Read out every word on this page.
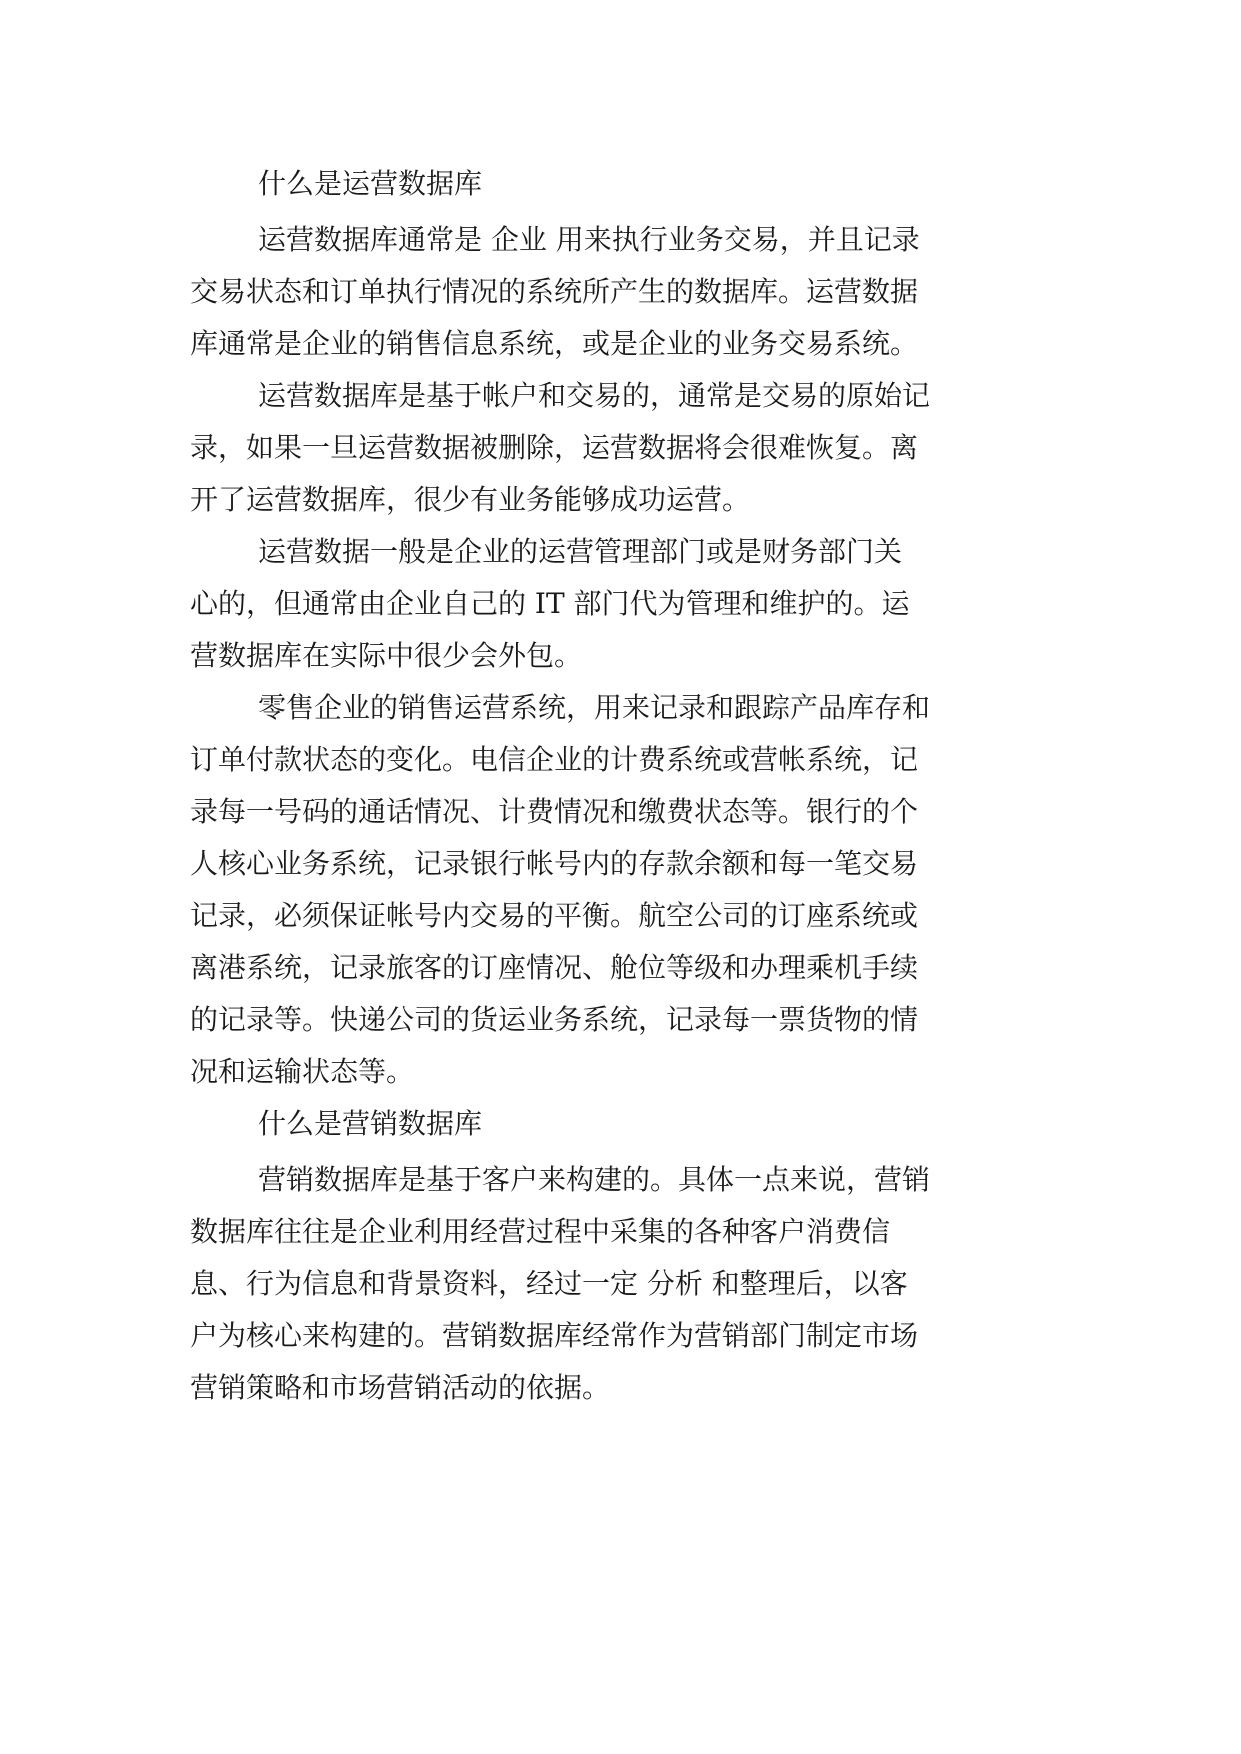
什么是运营数据库
运营数据库通常是 企业 用来执行业务交易，并且记录
交易状态和订单执行情况的系统所产生的数据库。运营数据
库通常是企业的销售信息系统，或是企业的业务交易系统。
运营数据库是基于帐户和交易的，通常是交易的原始记
录，如果一旦运营数据被删除，运营数据将会很难恢复。离
开了运营数据库，很少有业务能够成功运营。
运营数据一般是企业的运营管理部门或是财务部门关
心的，但通常由企业自己的 IT 部门代为管理和维护的。运
营数据库在实际中很少会外包。
零售企业的销售运营系统，用来记录和跟踪产品库存和
订单付款状态的变化。电信企业的计费系统或营帐系统，记
录每一号码的通话情况、计费情况和缴费状态等。银行的个
人核心业务系统，记录银行帐号内的存款余额和每一笔交易
记录，必须保证帐号内交易的平衡。航空公司的订座系统或
离港系统，记录旅客的订座情况、舱位等级和办理乘机手续
的记录等。快递公司的货运业务系统，记录每一票货物的情
况和运输状态等。
什么是营销数据库
营销数据库是基于客户来构建的。具体一点来说，营销
数据库往往是企业利用经营过程中采集的各种客户消费信
息、行为信息和背景资料，经过一定 分析 和整理后，以客
户为核心来构建的。营销数据库经常作为营销部门制定市场
营销策略和市场营销活动的依据。
